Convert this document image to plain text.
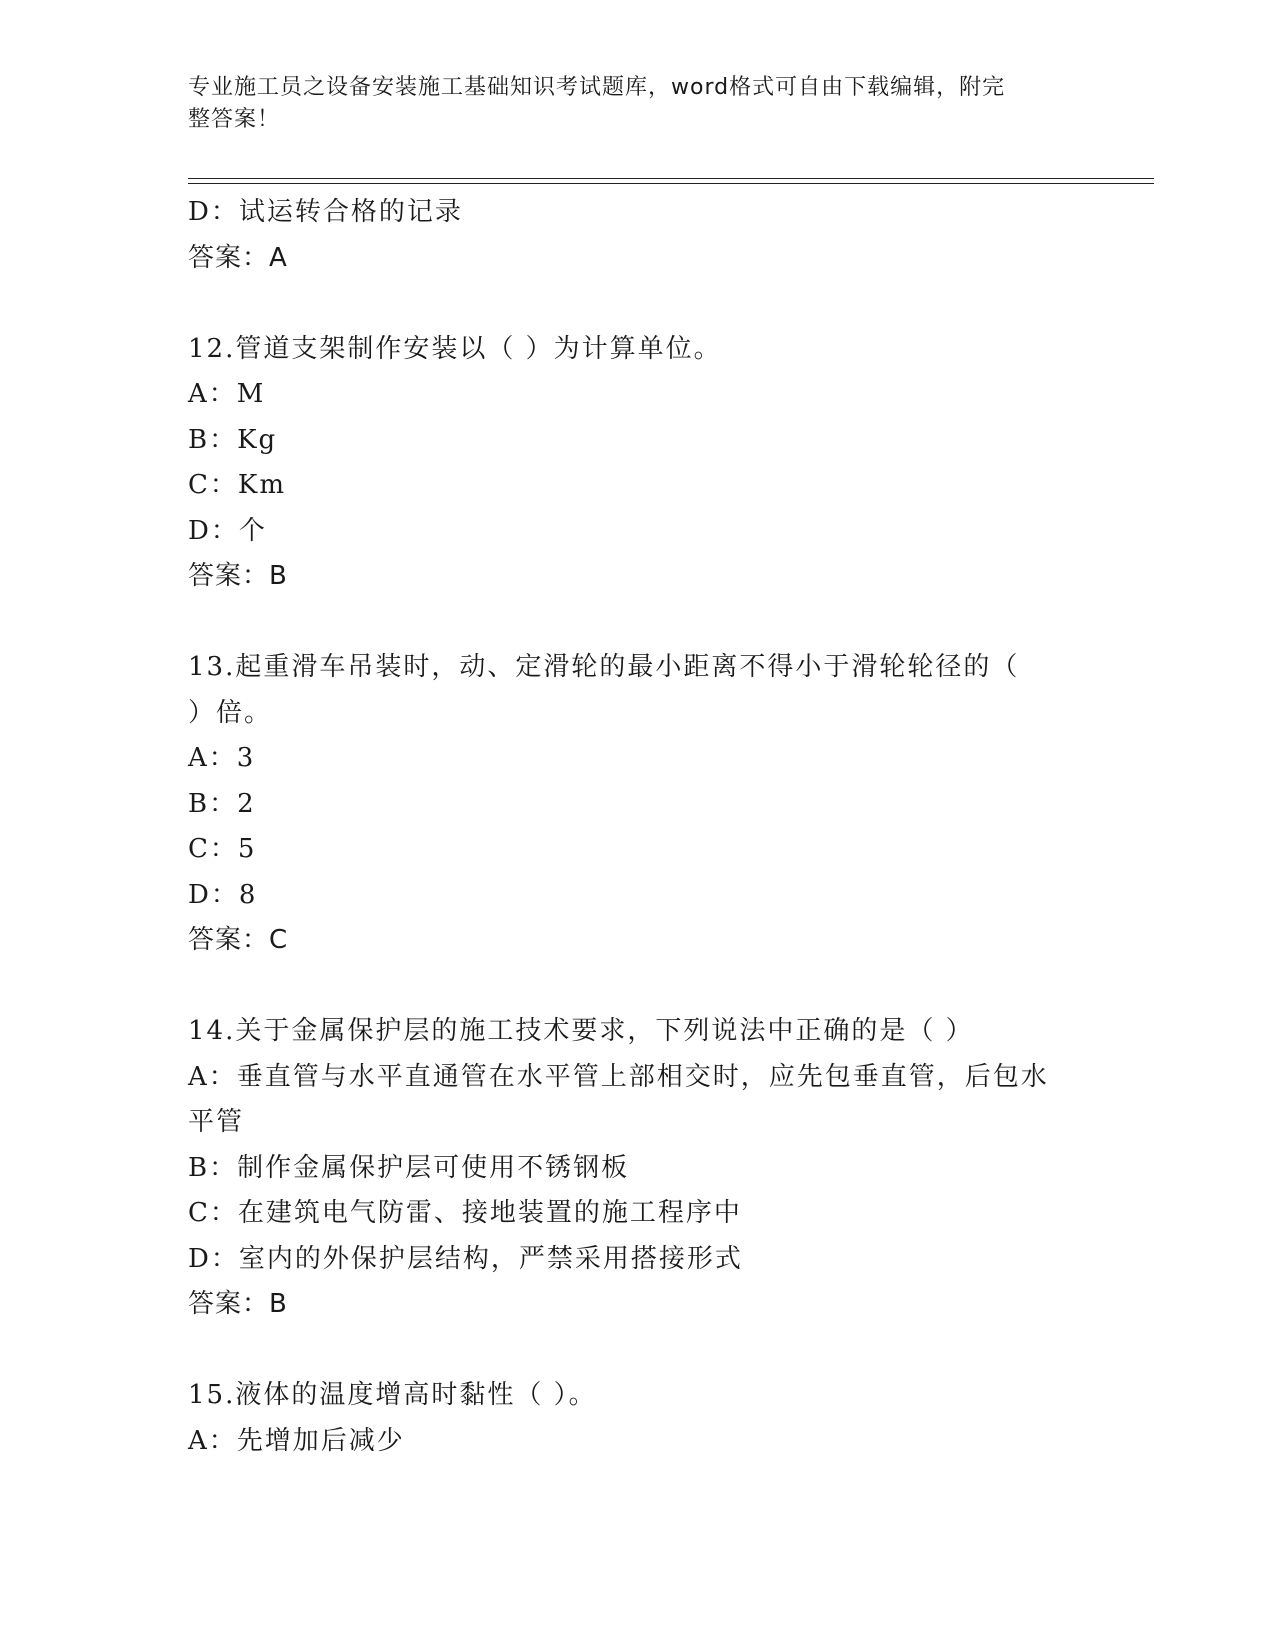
专业施工员之设备安装施工基础知识考试题库，word格式可自由下载编辑，附完
整答案！
D：试运转合格的记录
答案：A
12.管道支架制作安装以（ ）为计算单位。
A：M
B：Kg
C：Km
D：个
答案：B
13.起重滑车吊装时，动、定滑轮的最小距离不得小于滑轮轮径的（
）倍。
A：3
B：2
C：5
D：8
答案：C
14.关于金属保护层的施工技术要求，下列说法中正确的是（ ）
A：垂直管与水平直通管在水平管上部相交时，应先包垂直管，后包水
平管
B：制作金属保护层可使用不锈钢板
C：在建筑电气防雷、接地装置的施工程序中
D：室内的外保护层结构，严禁采用搭接形式
答案：B
15.液体的温度增高时黏性（ ）。
A：先增加后减少
